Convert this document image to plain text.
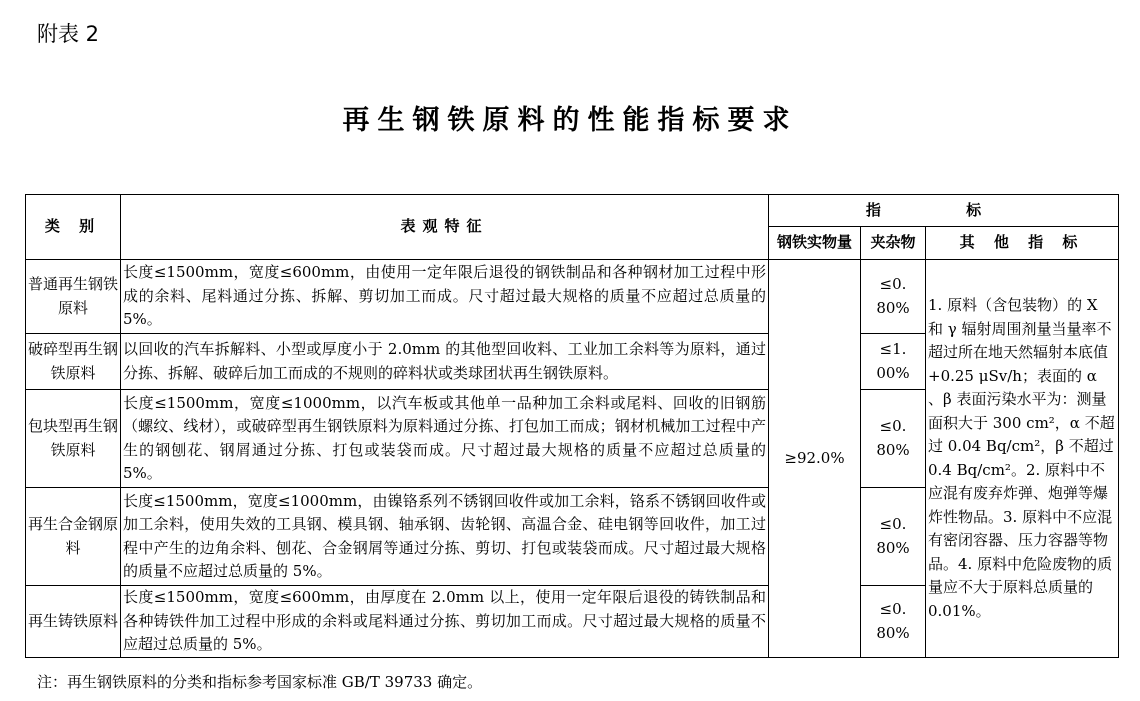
附表 2
再生钢铁原料的性能指标要求
类 别	表观特征	指 标		
		钢铁实物量	夹杂物	其 他 指 标
普通再生钢铁原料	长度≤1500mm，宽度≤600mm，由使用一定年限后退役的钢铁制品和各种钢材加工过程中形成的余料、尾料通过分拣、拆解、剪切加工而成。尺寸超过最大规格的质量不应超过总质量的 5%。	≥92.0%	≤0. 80%	1. 原料（含包装物）的 X 和 γ 辐射周围剂量当量率不超过所在地天然辐射本底值+0.25 μSv/h；表面的 α 、β 表面污染水平为：测量面积大于 300 cm²，α 不超过 0.04 Bq/cm²，β 不超过 0.4 Bq/cm²。2. 原料中不应混有废弃炸弹、炮弹等爆炸性物品。3. 原料中不应混有密闭容器、压力容器等物品。4. 原料中危险废物的质量应不大于原料总质量的 0.01%。
破碎型再生钢铁原料	以回收的汽车拆解料、小型或厚度小于 2.0mm 的其他型回收料、工业加工余料等为原料，通过分拣、拆解、破碎后加工而成的不规则的碎料状或类球团状再生钢铁原料。		≤1. 00%	
包块型再生钢铁原料	长度≤1500mm，宽度≤1000mm，以汽车板或其他单一品种加工余料或尾料、回收的旧钢筋（螺纹、线材），或破碎型再生钢铁原料为原料通过分拣、打包加工而成；钢材机械加工过程中产生的钢刨花、钢屑通过分拣、打包或装袋而成。尺寸超过最大规格的质量不应超过总质量的 5%。		≤0. 80%	
再生合金钢原料	长度≤1500mm，宽度≤1000mm，由镍铬系列不锈钢回收件或加工余料，铬系不锈钢回收件或加工余料，使用失效的工具钢、模具钢、轴承钢、齿轮钢、高温合金、硅电钢等回收件，加工过程中产生的边角余料、刨花、合金钢屑等通过分拣、剪切、打包或装袋而成。尺寸超过最大规格的质量不应超过总质量的 5%。		≤0. 80%	
再生铸铁原料	长度≤1500mm，宽度≤600mm，由厚度在 2.0mm 以上，使用一定年限后退役的铸铁制品和各种铸铁件加工过程中形成的余料或尾料通过分拣、剪切加工而成。尺寸超过最大规格的质量不应超过总质量的 5%。		≤0. 80%	
注：再生钢铁原料的分类和指标参考国家标准 GB/T 39733 确定。
